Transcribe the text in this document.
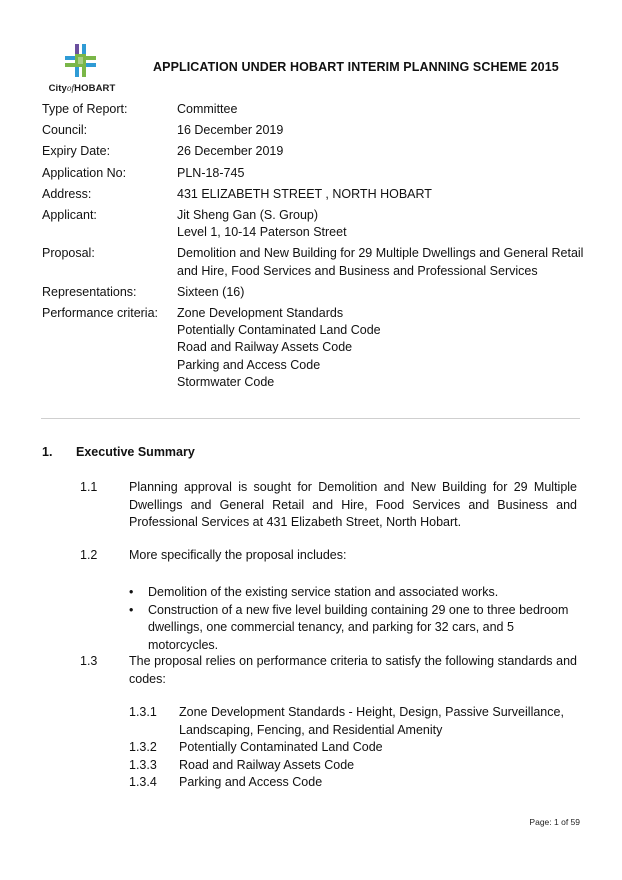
CityofHOBART
APPLICATION UNDER HOBART INTERIM PLANNING SCHEME 2015
Type of Report:	Committee
Council:	16 December 2019
Expiry Date:	26 December 2019
Application No:	PLN-18-745
Address:	431 ELIZABETH STREET , NORTH HOBART
Applicant:	Jit Sheng Gan (S. Group)
Level 1, 10-14 Paterson Street
Proposal:	Demolition and New Building for 29 Multiple Dwellings and General Retail
and Hire, Food Services and Business and Professional Services
Representations:	Sixteen (16)
Performance criteria:	Zone Development Standards
Potentially Contaminated Land Code
Road and Railway Assets Code
Parking and Access Code
Stormwater Code
1.	Executive Summary
1.1	Planning approval is sought for Demolition and New Building for 29 Multiple Dwellings and General Retail and Hire, Food Services and Business and Professional Services at 431 Elizabeth Street, North Hobart.
1.2	More specifically the proposal includes:
• Demolition of the existing service station and associated works.
• Construction of a new five level building containing 29 one to three bedroom dwellings, one commercial tenancy, and parking for 32 cars, and 5 motorcycles.
1.3	The proposal relies on performance criteria to satisfy the following standards and codes:
1.3.1	Zone Development Standards - Height, Design, Passive Surveillance, Landscaping, Fencing, and Residential Amenity
1.3.2	Potentially Contaminated Land Code
1.3.3	Road and Railway Assets Code
1.3.4	Parking and Access Code
Page: 1 of 59
